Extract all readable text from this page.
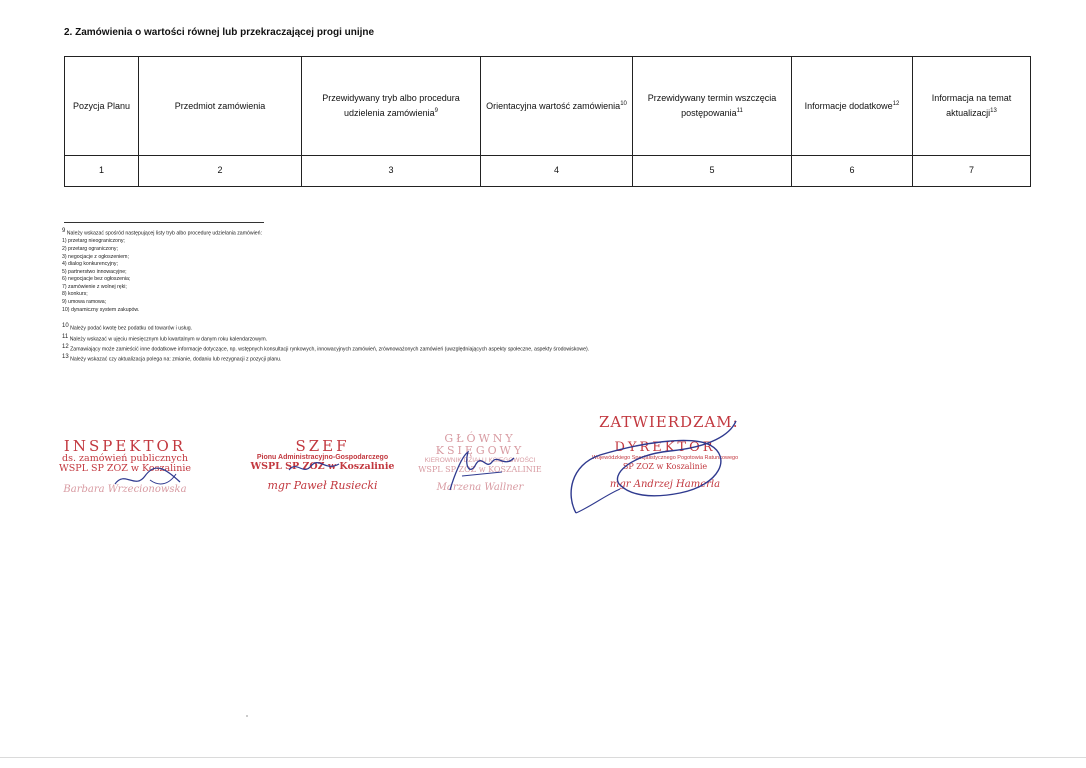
2. Zamówienia o wartości równej lub przekraczającej progi unijne
Pozycja Planu	Przedmiot zamówienia	Przewidywany tryb albo procedura udzielenia zamówienia$^9$	Orientacyjna wartość zamówienia$^{10}$	Przewidywany termin wszczęcia postępowania$^{11}$	Informacje dodatkowe$^{12}$	Informacja na temat aktualizacji$^{13}$
1	2	3	4	5	6	7
$^9$ Należy wskazać spośród następującej listy tryb albo procedurę udzielania zamówień:
1) przetarg nieograniczony;
2) przetarg ograniczony;
3) negocjacje z ogłoszeniem;
4) dialog konkurencyjny;
5) partnerstwo innowacyjne;
6) negocjacje bez ogłoszenia;
7) zamówienie z wolnej ręki;
8) konkurs;
9) umowa ramowa;
10) dynamiczny system zakupów.
$^{10}$ Należy podać kwotę bez podatku od towarów i usług.
$^{11}$ Należy wskazać w ujęciu miesięcznym lub kwartalnym w danym roku kalendarzowym.
$^{12}$ Zamawiający może zamieścić inne dodatkowe informacje dotyczące, np. wstępnych konsultacji rynkowych, innowacyjnych zamówień, zrównoważonych zamówień (uwzględniających aspekty społeczne, aspekty środowiskowe).
$^{13}$ Należy wskazać czy aktualizacja polega na: zmianie, dodaniu lub rezygnacji z pozycji planu.
INSPEKTOR
ds. zamówień publicznych
WSPL SP ZOZ w Koszalinie
Barbara Wrzecionowska
SZEF
Pionu Administracyjno-Gospodarczego
WSPL SP ZOZ w Koszalinie
mgr Paweł Rusiecki
GŁÓWNY KSIĘGOWY
KIEROWNIK DZIAŁU KSIĘGOWOŚCI
WSPL SP ZOZ w KOSZALINIE
Marzena Wallner
ZATWIERDZAM:
DYREKTOR
Wojewódzkiego Specjalistycznego Pogotowia Ratunkowego
SP ZOZ w Koszalinie
mgr Andrzej Hamerla
